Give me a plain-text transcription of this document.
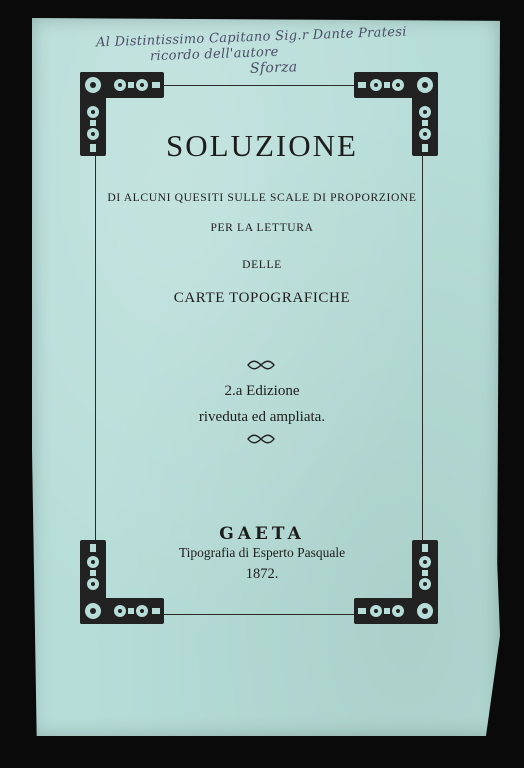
Al Distintissimo Capitano Sig.r Dante Pratesi
ricordo dell'autore
Sforza
SOLUZIONE
DI ALCUNI QUESITI SULLE SCALE DI PROPORZIONE
PER LA LETTURA
DELLE
CARTE TOPOGRAFICHE
2.a Edizione
riveduta ed ampliata.
GAETA
Tipografia di Esperto Pasquale
1872.
